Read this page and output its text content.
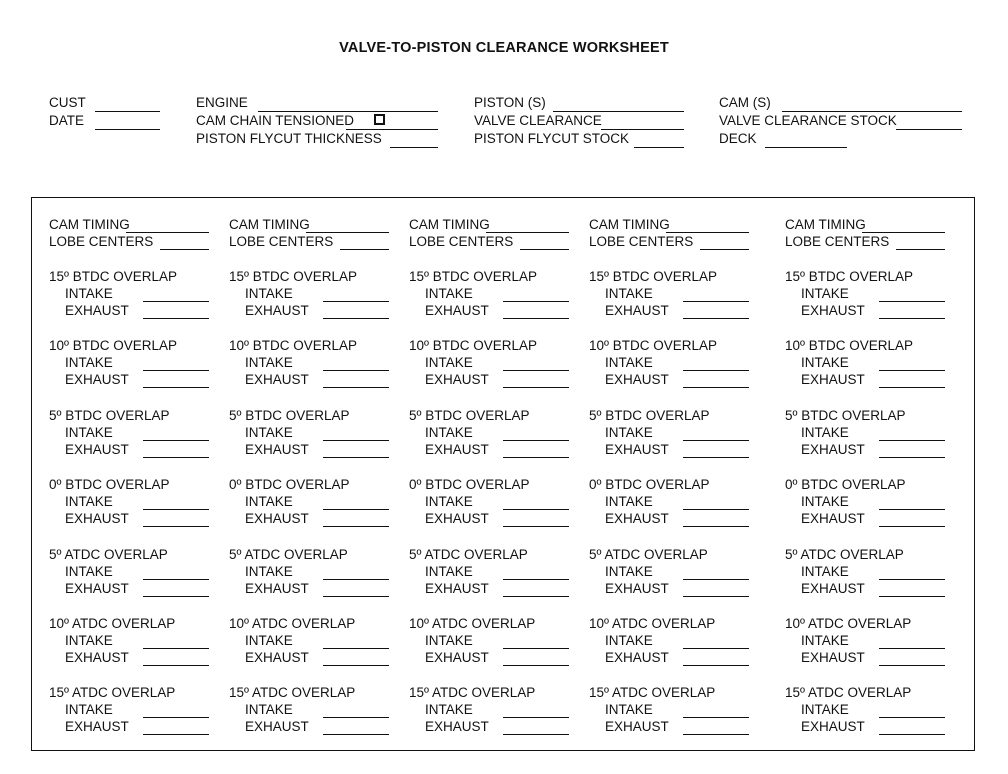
VALVE-TO-PISTON CLEARANCE WORKSHEET
CUST
DATE
ENGINE
CAM CHAIN TENSIONED
PISTON FLYCUT THICKNESS
PISTON (S)
VALVE CLEARANCE
PISTON FLYCUT STOCK
CAM (S)
VALVE CLEARANCE STOCK
DECK
CAM TIMING
LOBE CENTERS
15º BTDC OVERLAP
INTAKE
EXHAUST
10º BTDC OVERLAP
INTAKE
EXHAUST
5º BTDC OVERLAP
INTAKE
EXHAUST
0º BTDC OVERLAP
INTAKE
EXHAUST
5º ATDC OVERLAP
INTAKE
EXHAUST
10º ATDC OVERLAP
INTAKE
EXHAUST
15º ATDC OVERLAP
INTAKE
EXHAUST
CAM TIMING
LOBE CENTERS
15º BTDC OVERLAP
INTAKE
EXHAUST
10º BTDC OVERLAP
INTAKE
EXHAUST
5º BTDC OVERLAP
INTAKE
EXHAUST
0º BTDC OVERLAP
INTAKE
EXHAUST
5º ATDC OVERLAP
INTAKE
EXHAUST
10º ATDC OVERLAP
INTAKE
EXHAUST
15º ATDC OVERLAP
INTAKE
EXHAUST
CAM TIMING
LOBE CENTERS
15º BTDC OVERLAP
INTAKE
EXHAUST
10º BTDC OVERLAP
INTAKE
EXHAUST
5º BTDC OVERLAP
INTAKE
EXHAUST
0º BTDC OVERLAP
INTAKE
EXHAUST
5º ATDC OVERLAP
INTAKE
EXHAUST
10º ATDC OVERLAP
INTAKE
EXHAUST
15º ATDC OVERLAP
INTAKE
EXHAUST
CAM TIMING
LOBE CENTERS
15º BTDC OVERLAP
INTAKE
EXHAUST
10º BTDC OVERLAP
INTAKE
EXHAUST
5º BTDC OVERLAP
INTAKE
EXHAUST
0º BTDC OVERLAP
INTAKE
EXHAUST
5º ATDC OVERLAP
INTAKE
EXHAUST
10º ATDC OVERLAP
INTAKE
EXHAUST
15º ATDC OVERLAP
INTAKE
EXHAUST
CAM TIMING
LOBE CENTERS
15º BTDC OVERLAP
INTAKE
EXHAUST
10º BTDC OVERLAP
INTAKE
EXHAUST
5º BTDC OVERLAP
INTAKE
EXHAUST
0º BTDC OVERLAP
INTAKE
EXHAUST
5º ATDC OVERLAP
INTAKE
EXHAUST
10º ATDC OVERLAP
INTAKE
EXHAUST
15º ATDC OVERLAP
INTAKE
EXHAUST
